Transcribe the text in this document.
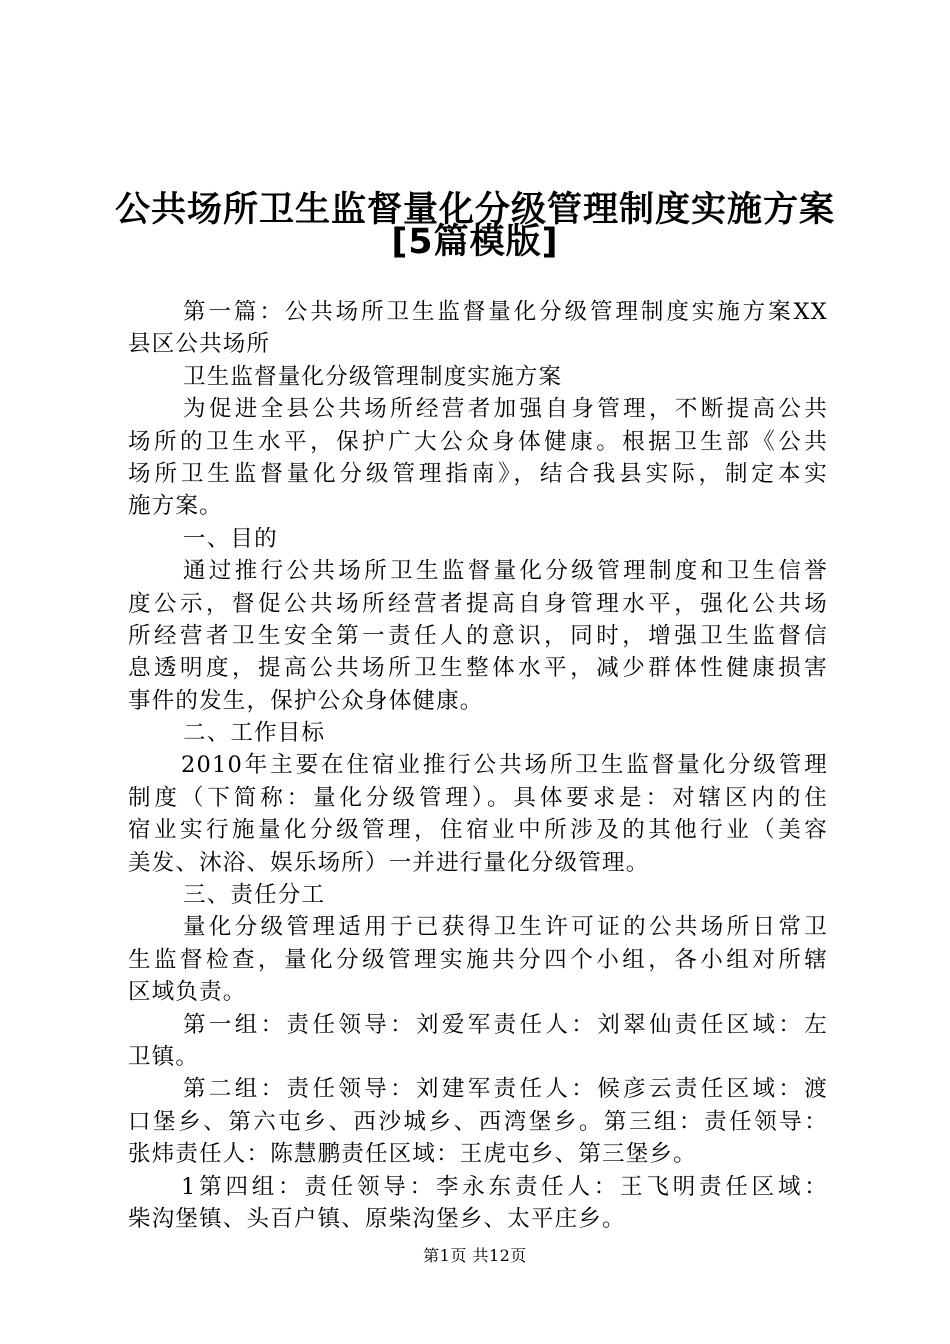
公共场所卫生监督量化分级管理制度实施方案
[5篇模版]
第一篇：公共场所卫生监督量化分级管理制度实施方案XX
县区公共场所
卫生监督量化分级管理制度实施方案
为促进全县公共场所经营者加强自身管理，不断提高公共
场所的卫生水平，保护广大公众身体健康。根据卫生部《公共
场所卫生监督量化分级管理指南》，结合我县实际，制定本实
施方案。
一、目的
通过推行公共场所卫生监督量化分级管理制度和卫生信誉
度公示，督促公共场所经营者提高自身管理水平，强化公共场
所经营者卫生安全第一责任人的意识，同时，增强卫生监督信
息透明度，提高公共场所卫生整体水平，减少群体性健康损害
事件的发生，保护公众身体健康。
二、工作目标
2010年主要在住宿业推行公共场所卫生监督量化分级管理
制度（下简称：量化分级管理）。具体要求是：对辖区内的住
宿业实行施量化分级管理，住宿业中所涉及的其他行业（美容
美发、沐浴、娱乐场所）一并进行量化分级管理。
三、责任分工
量化分级管理适用于已获得卫生许可证的公共场所日常卫
生监督检查，量化分级管理实施共分四个小组，各小组对所辖
区域负责。
第一组：责任领导：刘爱军责任人：刘翠仙责任区域：左
卫镇。
第二组：责任领导：刘建军责任人：候彦云责任区域：渡
口堡乡、第六屯乡、西沙城乡、西湾堡乡。第三组：责任领导：
张炜责任人：陈慧鹏责任区域：王虎屯乡、第三堡乡。
1第四组：责任领导：李永东责任人：王飞明责任区域：
柴沟堡镇、头百户镇、原柴沟堡乡、太平庄乡。
第1页 共12页
